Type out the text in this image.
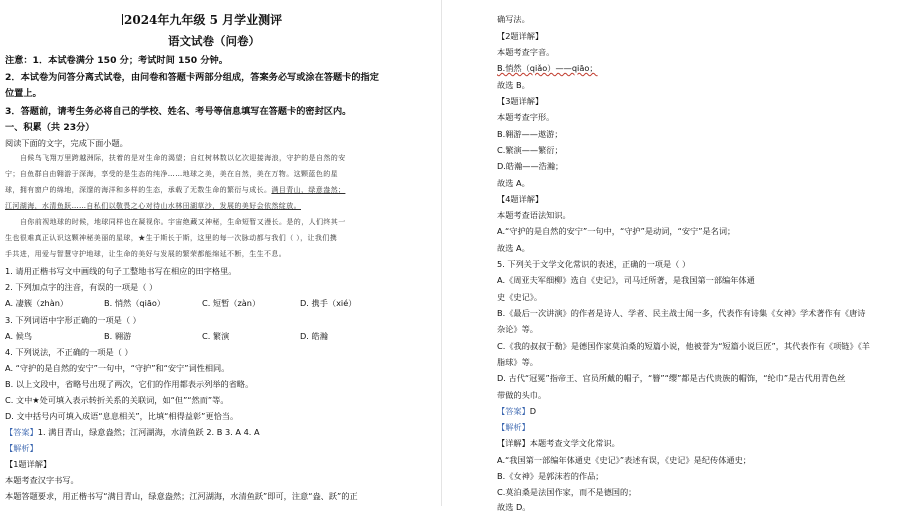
2024年九年级 5 月学业测评
语文试卷（问卷）
注意：1．本试卷满分 150 分；考试时间 150 分钟。
2．本试卷为问答分离式试卷，由问卷和答题卡两部分组成，答案务必写或涂在答题卡的指定
位置上。
3．答题前，请考生务必将自己的学校、姓名、考号等信息填写在答题卡的密封区内。
一、积累（共 23分）
阅读下面的文字，完成下面小题。
自候鸟飞翔万里跨越洲际，扶着的是对生命的渴望；自红树林数以亿次迎接海浪，守护的是自然的安
宁；自鱼群自由翱游于深海，享受的是生态的纯净……地球之美，美在自然，美在万物。这颗蓝色的星
球，拥有窗户的绵地，深邃的海洋和多样的生态，承载了无数生命的繁衍与成长。满目青山，绿意盎然；
江河湖海，水清鱼跃……自私们以敬畏之心对待山水林田湖草沙，发展的美好会依然绽放。
自你前视地球的时候，地球同样也在凝视你。宇宙绝藏又神秘，生命短暂又漫长。是的，人们终其一
生也很难真正认识这颗神秘美丽的星球，★生于斯长于斯，这里的每一次脉动都与我们（ ），让我们携
手共进，用爱与智慧守护地球，让生命的美好与发展的繁荣都能绵延不断，生生不息。
1. 请用正楷书写文中画线的句子工整地书写在相应的田字格里。
2. 下列加点字的注音，有误的一项是（ ）
A. 凄簇（zhàn）	B. 悄然（qiāo）	C. 短暂（zàn）	D. 携手（xié）
3. 下列词语中字形正确的一项是（ ）
A. 候鸟	B. 翱游	C. 繁演	D. 皓瀚
4. 下列说法，不正确的一项是（ ）
A. “守护的是自然的安宁”一句中，“守护”和“安宁”词性相同。
B. 以上文段中，省略号出现了两次，它们的作用都表示列举的省略。
C. 文中★处可填入表示转折关系的关联词，如“但”“然而”等。
D. 文中括号内可填入成语“息息相关”，比填“相得益彰”更恰当。
【答案】1. 满目青山，绿意盎然；江河湖海，水清鱼跃 2. B 3. A 4. A
【解析】
【1题详解】
本题考查汉字书写。
本题答题要求，用正楷书写“满目青山，绿意盎然；江河湖海，水清鱼跃”即可，注意“盎、跃”的正
确写法。
【2题详解】
本题考查字音。
B.悄然（qiǎo）——qiāo；
故选 B。
【3题详解】
本题考查字形。
B.翱游——遨游；
C.繁演——繁衍；
D.皓瀚——浩瀚；
故选 A。
【4题详解】
本题考查语法知识。
A.“守护的是自然的安宁”一句中，“守护”是动词，“安宁”是名词；
故选 A。
5. 下列关于文学文化常识的表述，正确的一项是（ ）
A.《周亚夫军细柳》选自《史记》，司马迁所著，是我国第一部编年体通
史《史记》。
B.《最后一次讲演》的作者是诗人、学者、民主战士闻一多，代表作有诗集《女神》学术著作有《唐诗
杂论》等。
C.《我的叔叔于勒》是德国作家莫泊桑的短篇小说，他被誉为“短篇小说巨匠”，其代表作有《项链》《羊
脂球》等。
D. 古代“冠冕”指帝王、官员所戴的帽子，“簪”“缨”都是古代贵族的帽饰，“纶巾”是古代用青色丝
带做的头巾。
【答案】D
【解析】
【详解】本题考查文学文化常识。
A.“我国第一部编年体通史《史记》”表述有误，《史记》是纪传体通史；
B.《女神》是郭沫若的作品；
C.莫泊桑是法国作家，而不是德国的；
故选 D。
